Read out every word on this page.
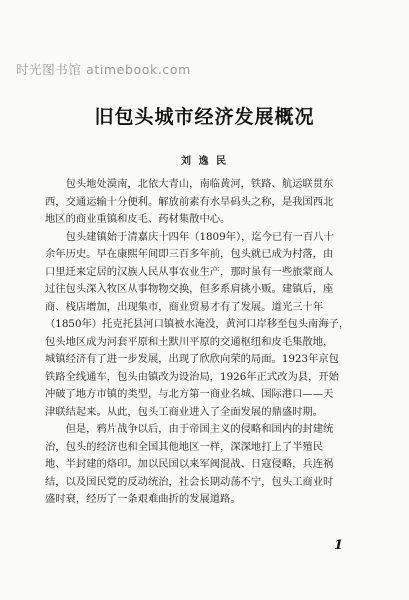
时光图书馆 atimebook.com
旧包头城市经济发展概况
刘 逸 民
　　包头地处漠南，北依大青山，南临黄河，铁路、航运联贯东
西，交通运输十分便利。解放前素有水旱码头之称，是我国西北
地区的商业重镇和皮毛、药材集散中心。
　　包头建镇始于清嘉庆十四年（1809年），迄今已有一百八十
余年历史。早在康熙年间即三百多年前，包头就已成为村落，由
口里迁来定居的汉族人民从事农业生产，那时虽有一些旅蒙商人
过往包头深入牧区从事物物交换，但多系肩挑小贩。建镇后，座
商、栈店增加，出现集市，商业贸易才有了发展。道光三十年
（1850年）托克托县河口镇被水淹没，黄河口岸移至包头南海子，
包头地区成为河套平原和土默川平原的交通枢纽和皮毛集散地，
城镇经济有了进一步发展，出现了欣欣向荣的局面。1923年京包
铁路全线通车，包头由镇改为设治局，1926年正式改为县，开始
冲破了地方市镇的类型，与北方第一商业名城、国际港口——天
津联结起来。从此，包头工商业进入了全面发展的鼎盛时期。
　　但是，鸦片战争以后，由于帝国主义的侵略和国内的封建统
治，包头的经济也和全国其他地区一样，深深地打上了半殖民
地、半封建的烙印。加以民国以来军阀混战、日寇侵略，兵连祸
结，以及国民党的反动统治，社会长期动荡不宁，包头工商业时
盛时衰，经历了一条艰难曲折的发展道路。
1
